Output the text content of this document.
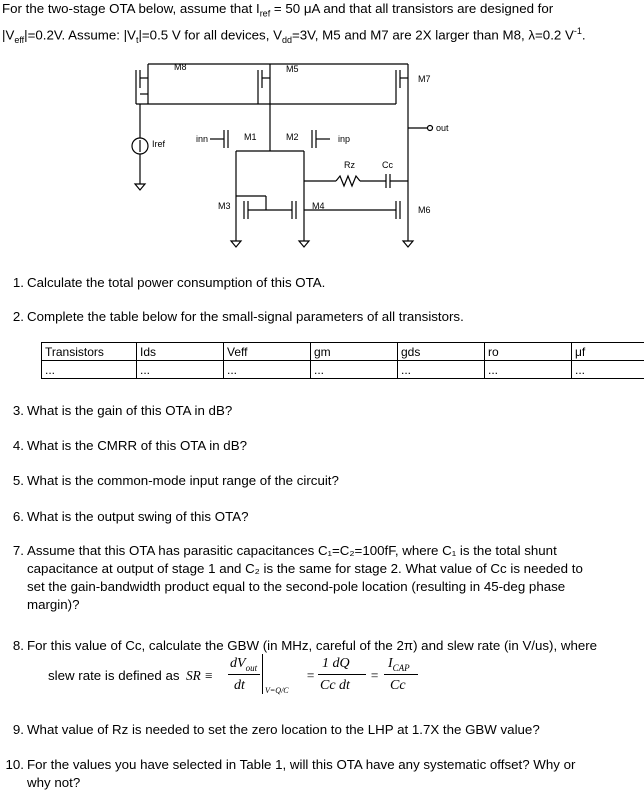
For the two-stage OTA below, assume that $I_{ref} = 50$ μA and that all transistors are designed for
$|V_{eff}|=0.2V$. Assume: $|V_t|=0.5$ V for all devices, $V_{dd}=3V$, M5 and M7 are 2X larger than M8, λ=0.2 $V^{-1}$.
M8	M5
M7
Iref	inn	M1	M2	inp
Rz	Cc
out
M3	M4	M6
1. Calculate the total power consumption of this OTA.
2. Complete the table below for the small-signal parameters of all transistors.
Transistors	Ids	Veff	gm	gds	ro	μf
...	...	...	...	...	...	...
3. What is the gain of this OTA in dB?
4. What is the CMRR of this OTA in dB?
5. What is the common-mode input range of the circuit?
6. What is the output swing of this OTA?
7. Assume that this OTA has parasitic capacitances C₁=C₂=100fF, where C₁ is the total shunt
capacitance at output of stage 1 and C₂ is the same for stage 2. What value of Cc is needed to
set the gain-bandwidth product equal to the second-pole location (resulting in 45-deg phase
margin)?
8. For this value of Cc, calculate the GBW (in MHz, careful of the 2π) and slew rate (in V/us), where
slew rate is defined as SR ≡
$dV_{out}$
dt	V=Q/C
=
1 dQ
Cc dt
=
$I_{CAP}$
Cc
9. What value of Rz is needed to set the zero location to the LHP at 1.7X the GBW value?
10. For the values you have selected in Table 1, will this OTA have any systematic offset? Why or
why not?
